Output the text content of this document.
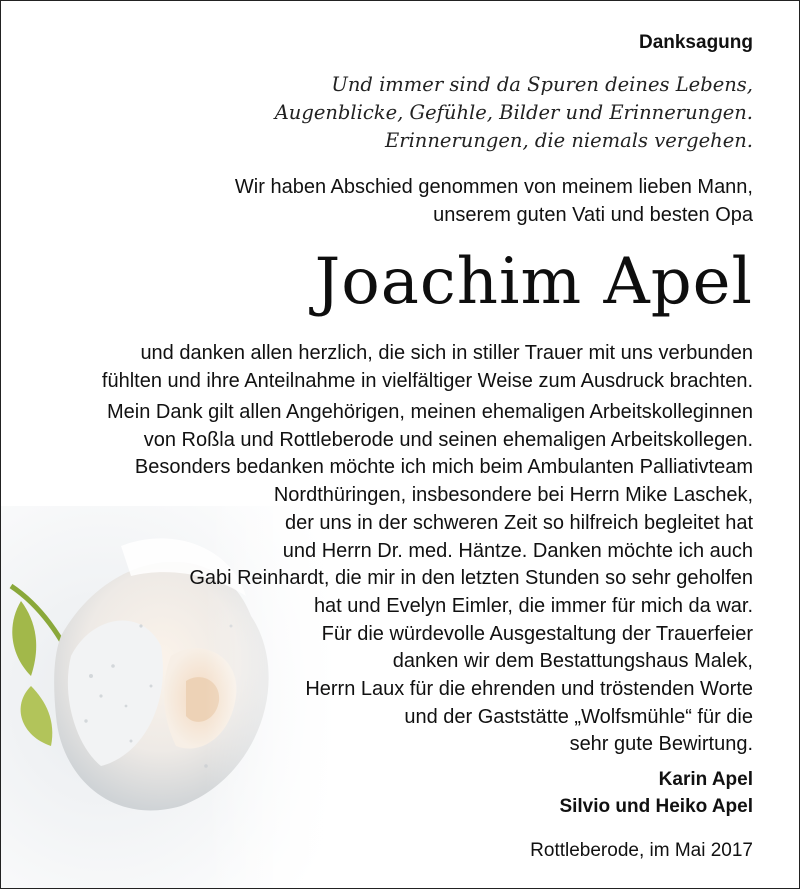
Danksagung
Und immer sind da Spuren deines Lebens,
Augenblicke, Gefühle, Bilder und Erinnerungen.
Erinnerungen, die niemals vergehen.
Wir haben Abschied genommen von meinem lieben Mann,
unserem guten Vati und besten Opa
Joachim Apel
und danken allen herzlich, die sich in stiller Trauer mit uns verbunden
fühlten und ihre Anteilnahme in vielfältiger Weise zum Ausdruck brachten.
Mein Dank gilt allen Angehörigen, meinen ehemaligen Arbeitskolleginnen
von Roßla und Rottleberode und seinen ehemaligen Arbeitskollegen.
Besonders bedanken möchte ich mich beim Ambulanten Palliativteam
Nordthüringen, insbesondere bei Herrn Mike Laschek,
der uns in der schweren Zeit so hilfreich begleitet hat
und Herrn Dr. med. Häntze. Danken möchte ich auch
Gabi Reinhardt, die mir in den letzten Stunden so sehr geholfen
hat und Evelyn Eimler, die immer für mich da war.
Für die würdevolle Ausgestaltung der Trauerfeier
danken wir dem Bestattungshaus Malek,
Herrn Laux für die ehrenden und tröstenden Worte
und der Gaststätte „Wolfsmühle“ für die
sehr gute Bewirtung.
Karin Apel
Silvio und Heiko Apel
Rottleberode, im Mai 2017
